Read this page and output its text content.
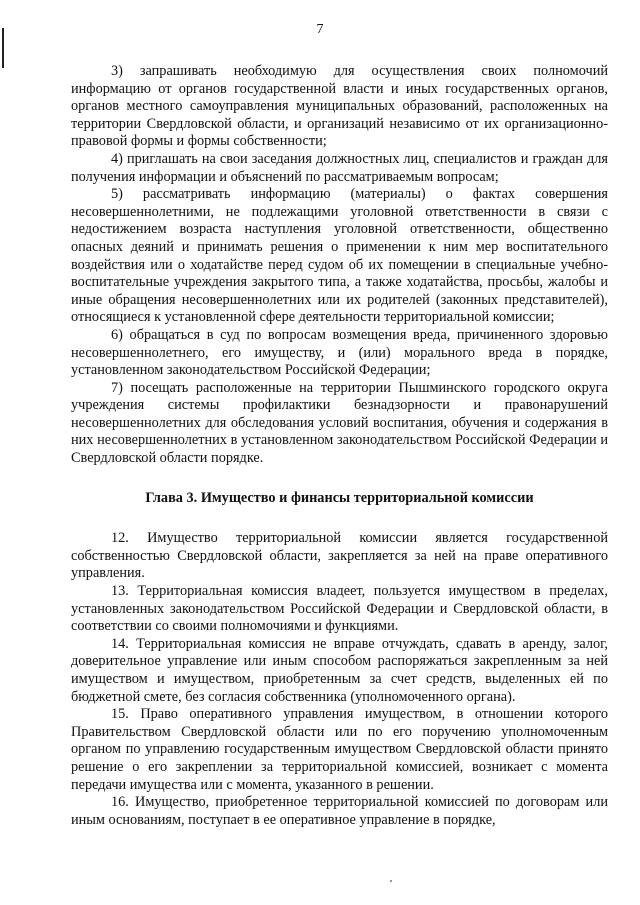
7

3) запрашивать необходимую для осуществления своих полномочий информацию от органов государственной власти и иных государственных органов, органов местного самоуправления муниципальных образований, расположенных на территории Свердловской области, и организаций независимо от их организационно-правовой формы и формы собственности;

4) приглашать на свои заседания должностных лиц, специалистов и граждан для получения информации и объяснений по рассматриваемым вопросам;

5) рассматривать информацию (материалы) о фактах совершения несовершеннолетними, не подлежащими уголовной ответственности в связи с недостижением возраста наступления уголовной ответственности, общественно опасных деяний и принимать решения о применении к ним мер воспитательного воздействия или о ходатайстве перед судом об их помещении в специальные учебно-воспитательные учреждения закрытого типа, а также ходатайства, просьбы, жалобы и иные обращения несовершеннолетних или их родителей (законных представителей), относящиеся к установленной сфере деятельности территориальной комиссии;

6) обращаться в суд по вопросам возмещения вреда, причиненного здоровью несовершеннолетнего, его имуществу, и (или) морального вреда в порядке, установленном законодательством Российской Федерации;

7) посещать расположенные на территории Пышминского городского округа учреждения системы профилактики безнадзорности и правонарушений несовершеннолетних для обследования условий воспитания, обучения и содержания в них несовершеннолетних в установленном законодательством Российской Федерации и Свердловской области порядке.

Глава 3. Имущество и финансы территориальной комиссии

12. Имущество территориальной комиссии является государственной собственностью Свердловской области, закрепляется за ней на праве оперативного управления.

13. Территориальная комиссия владеет, пользуется имуществом в пределах, установленных законодательством Российской Федерации и Свердловской области, в соответствии со своими полномочиями и функциями.

14. Территориальная комиссия не вправе отчуждать, сдавать в аренду, залог, доверительное управление или иным способом распоряжаться закрепленным за ней имуществом и имуществом, приобретенным за счет средств, выделенных ей по бюджетной смете, без согласия собственника (уполномоченного органа).

15. Право оперативного управления имуществом, в отношении которого Правительством Свердловской области или по его поручению уполномоченным органом по управлению государственным имуществом Свердловской области принято решение о его закреплении за территориальной комиссией, возникает с момента передачи имущества или с момента, указанного в решении.

16. Имущество, приобретенное территориальной комиссией по договорам или иным основаниям, поступает в ее оперативное управление в порядке,
